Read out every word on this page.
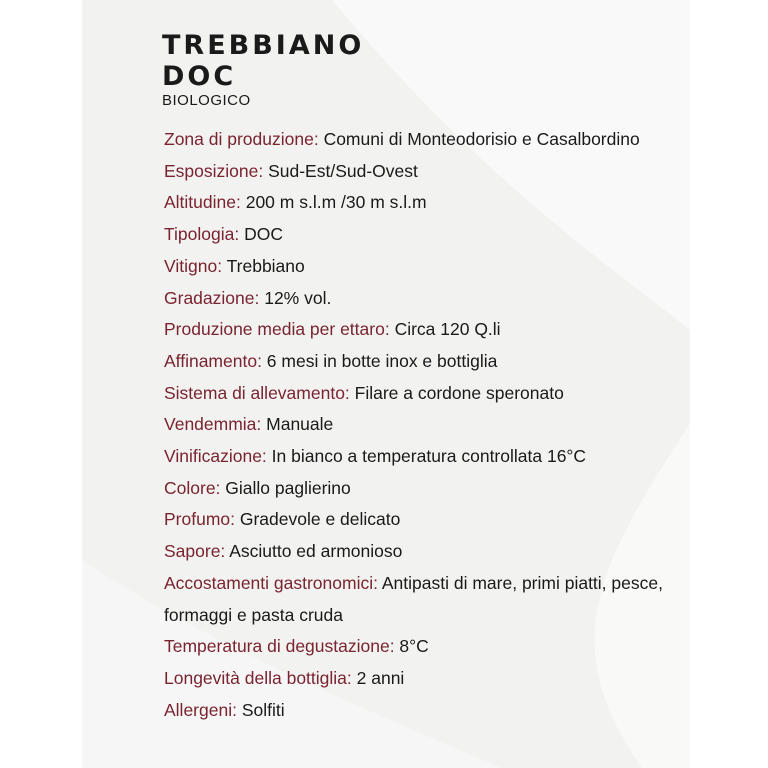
TREBBIANO
DOC
BIOLOGICO

Zona di produzione: Comuni di Monteodorisio e Casalbordino

Esposizione: Sud-Est/Sud-Ovest

Altitudine: 200 m s.l.m /30 m s.l.m

Tipologia: DOC

Vitigno: Trebbiano

Gradazione: 12% vol.

Produzione media per ettaro: Circa 120 Q.li

Affinamento: 6 mesi in botte inox e bottiglia

Sistema di allevamento: Filare a cordone speronato

Vendemmia: Manuale

Vinificazione: In bianco a temperatura controllata 16°C

Colore: Giallo paglierino

Profumo: Gradevole e delicato

Sapore: Asciutto ed armonioso

Accostamenti gastronomici: Antipasti di mare, primi piatti, pesce, formaggi e pasta cruda

Temperatura di degustazione: 8°C

Longevità della bottiglia: 2 anni

Allergeni: Solfiti
